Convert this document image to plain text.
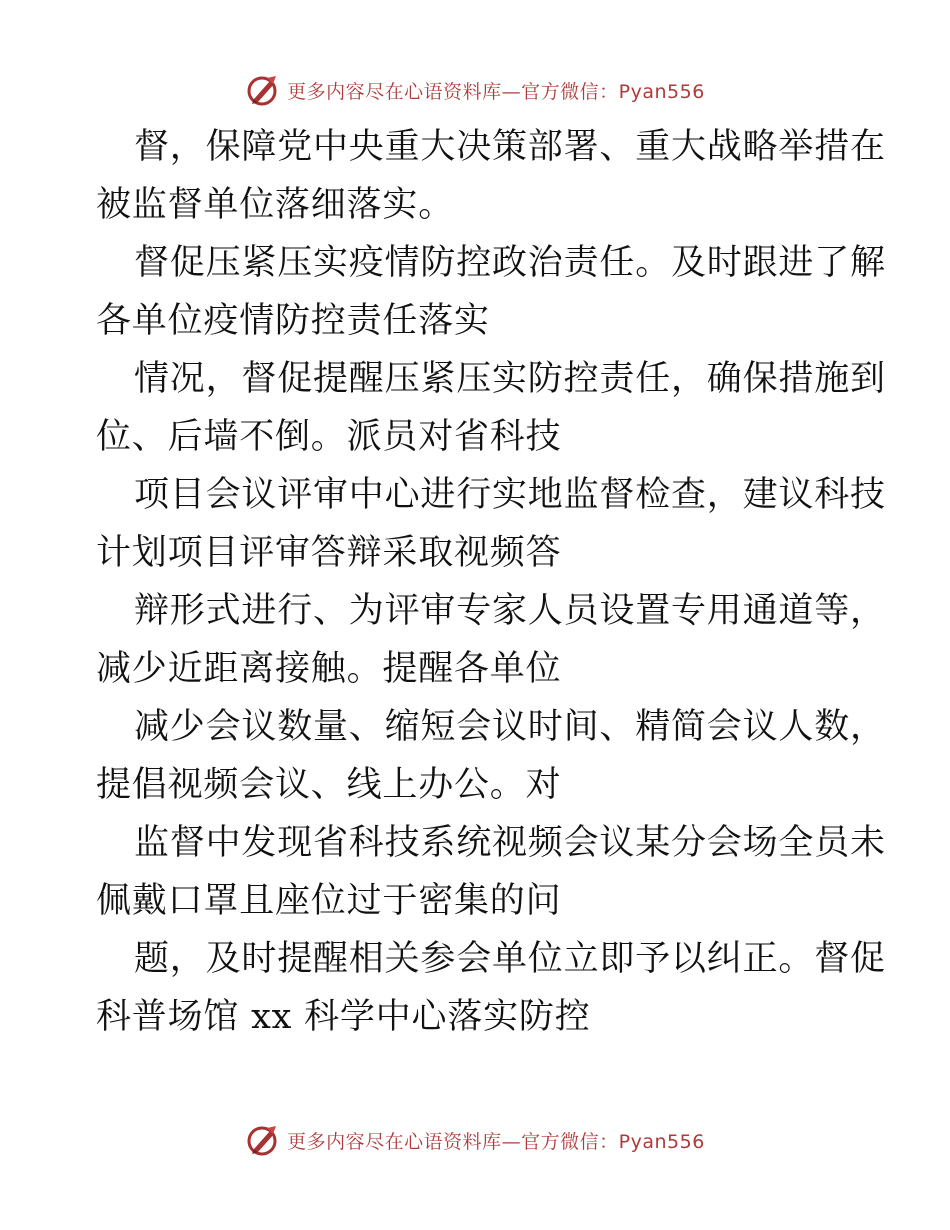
更多内容尽在心语资料库—官方微信：Pyan556

督，保障党中央重大决策部署、重大战略举措在
被监督单位落细落实。

督促压紧压实疫情防控政治责任。及时跟进了解
各单位疫情防控责任落实

情况，督促提醒压紧压实防控责任，确保措施到
位、后墙不倒。派员对省科技

项目会议评审中心进行实地监督检查，建议科技
计划项目评审答辩采取视频答

辩形式进行、为评审专家人员设置专用通道等，
减少近距离接触。提醒各单位

减少会议数量、缩短会议时间、精简会议人数，
提倡视频会议、线上办公。对

监督中发现省科技系统视频会议某分会场全员未
佩戴口罩且座位过于密集的问

题，及时提醒相关参会单位立即予以纠正。督促
科普场馆 xx 科学中心落实防控

更多内容尽在心语资料库—官方微信：Pyan556
